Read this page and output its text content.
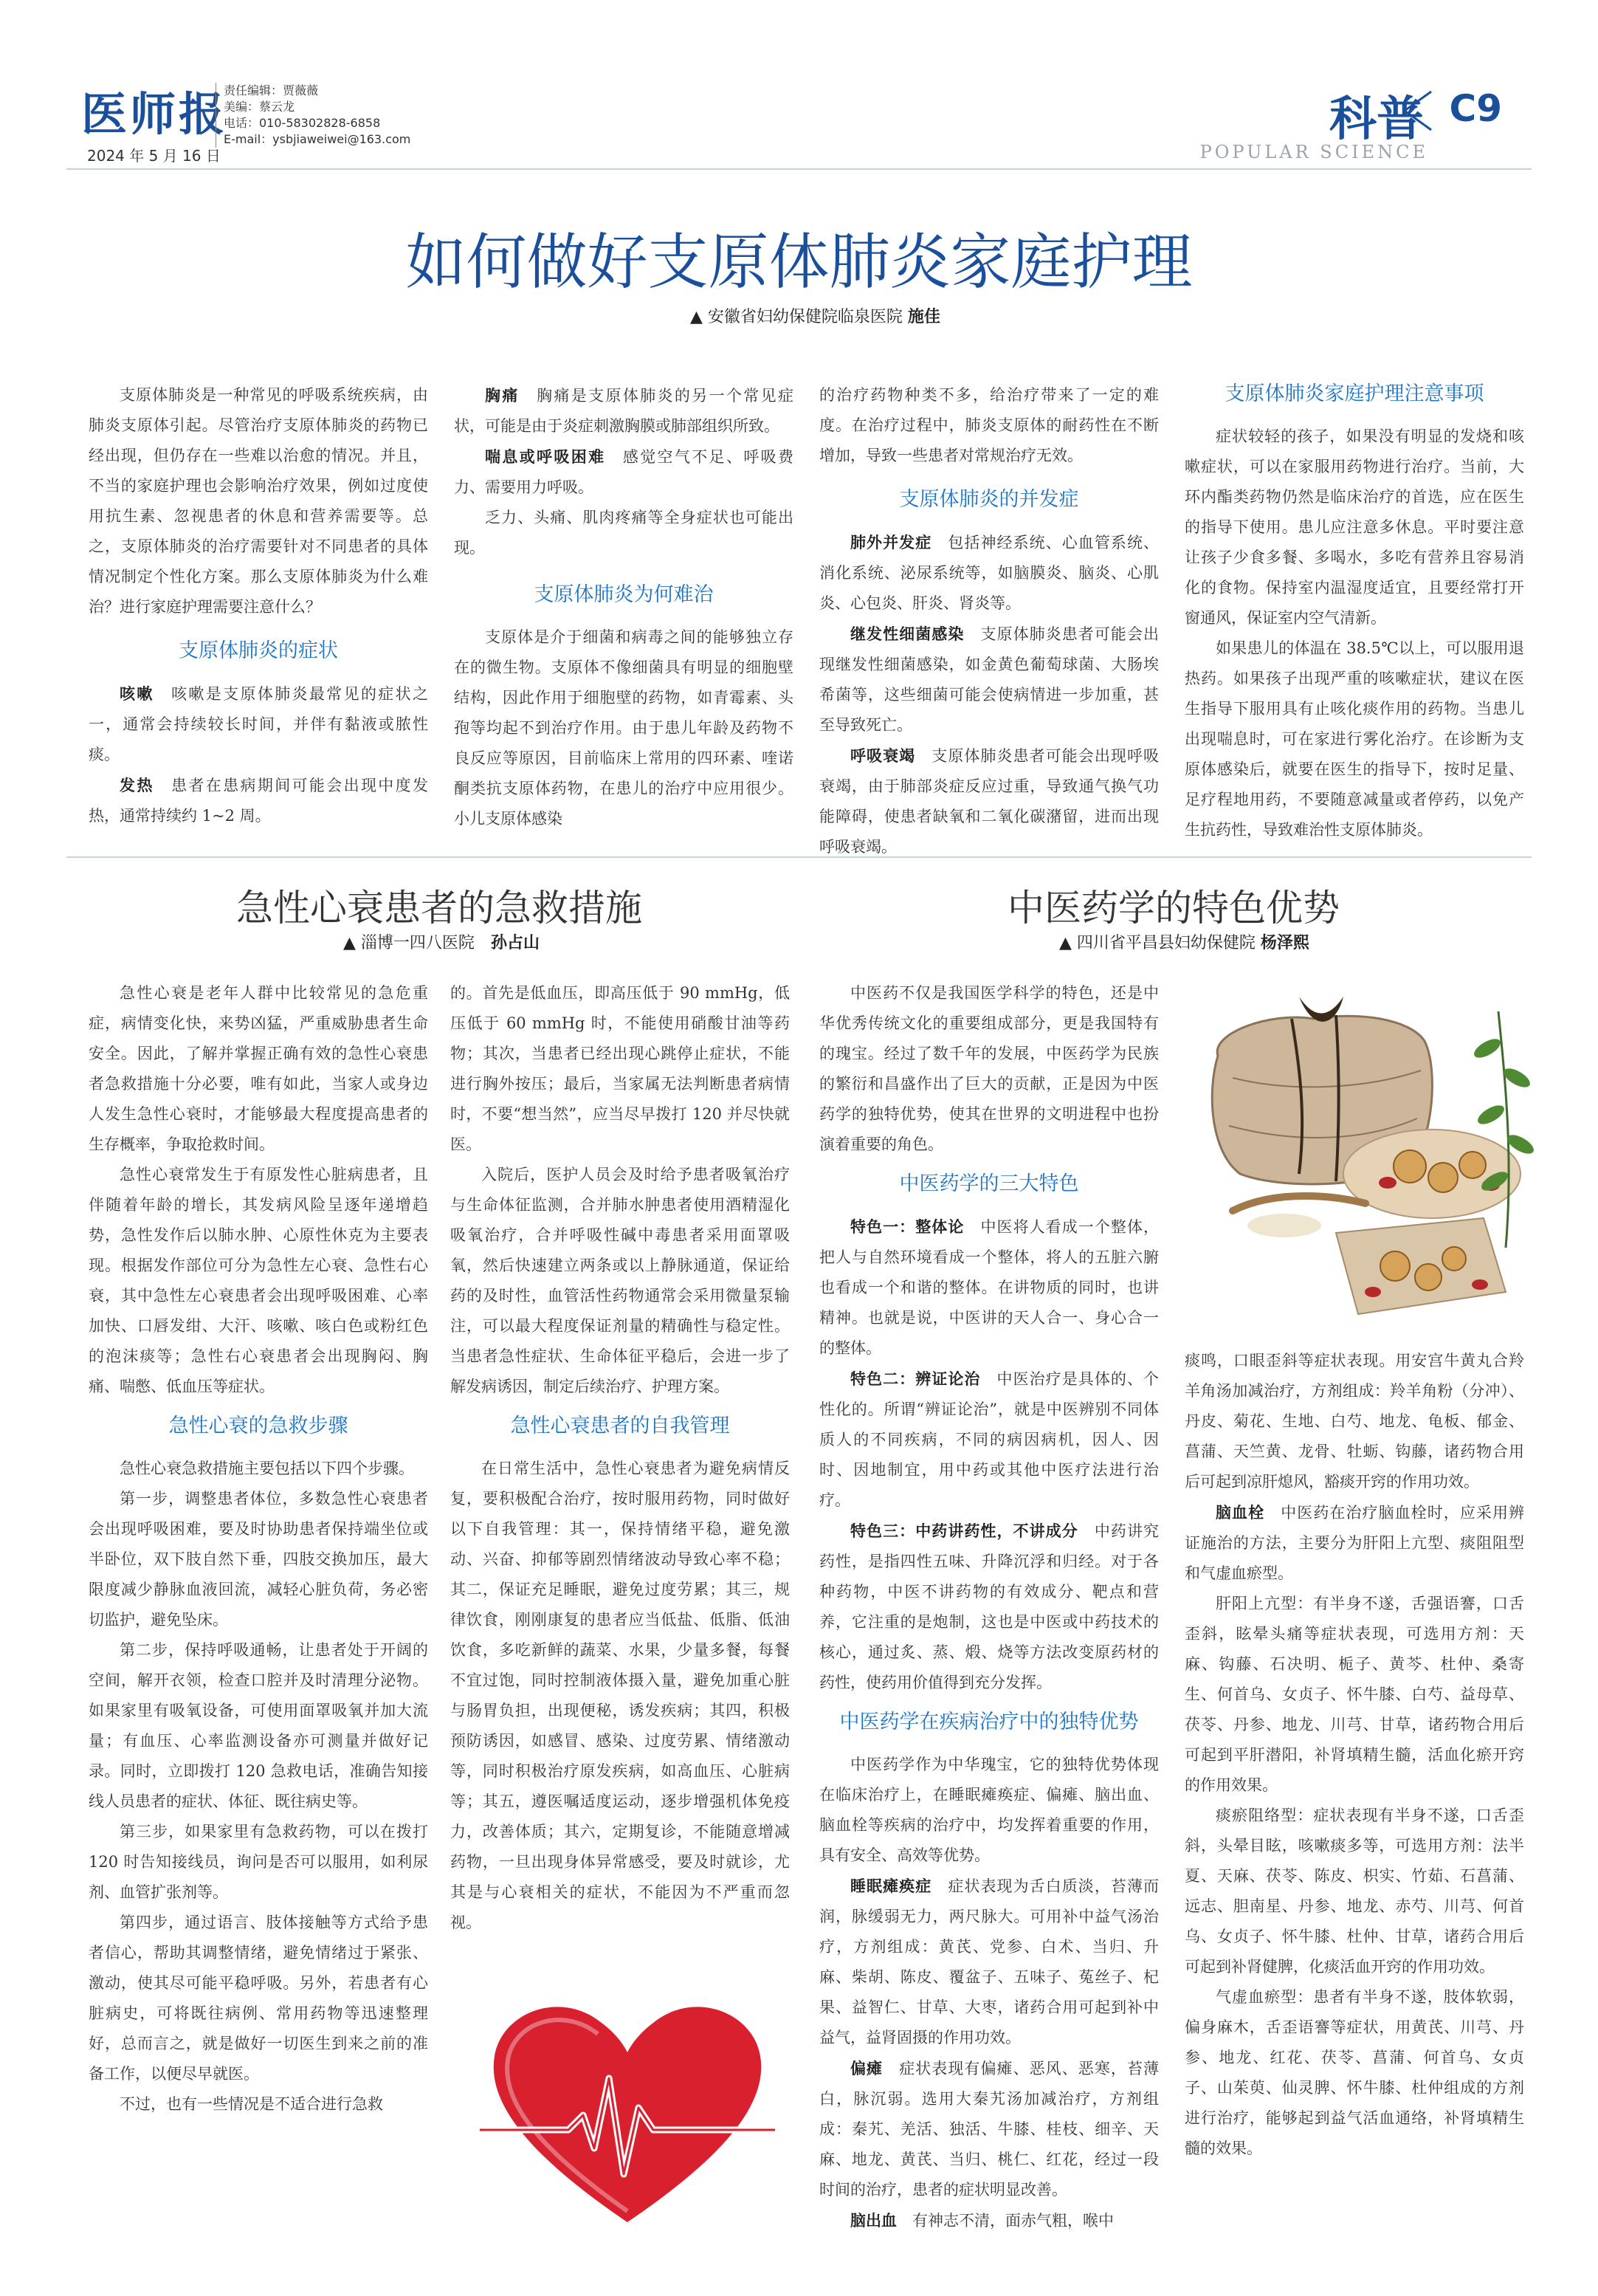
医师报
2024 年 5 月 16 日
责任编辑：贾薇薇
美编：蔡云龙
电话：010-58302828-6858
E-mail：ysbjiaweiwei@163.com	科普 C9
POPULAR SCIENCE
如何做好支原体肺炎家庭护理
▲ 安徽省妇幼保健院临泉医院 施佳

支原体肺炎是一种常见的呼吸系统疾病，由肺炎支原体引起。尽管治疗支原体肺炎的药物已经出现，但仍存在一些难以治愈的情况。并且，不当的家庭护理也会影响治疗效果，例如过度使用抗生素、忽视患者的休息和营养需要等。总之，支原体肺炎的治疗需要针对不同患者的具体情况制定个性化方案。那么支原体肺炎为什么难治？进行家庭护理需要注意什么？

支原体肺炎的症状

咳嗽　 咳嗽是支原体肺炎最常见的症状之一，通常会持续较长时间，并伴有黏液或脓性痰。

发热　 患者在患病期间可能会出现中度发热，通常持续约 1~2 周。

胸痛　 胸痛是支原体肺炎的另一个常见症状，可能是由于炎症刺激胸膜或肺部组织所致。

喘息或呼吸困难　 感觉空气不足、呼吸费力、需要用力呼吸。

乏力、头痛、肌肉疼痛等全身症状也可能出现。

支原体肺炎为何难治

支原体是介于细菌和病毒之间的能够独立存在的微生物。支原体不像细菌具有明显的细胞壁结构，因此作用于细胞壁的药物，如青霉素、头孢等均起不到治疗作用。由于患儿年龄及药物不良反应等原因，目前临床上常用的四环素、喹诺酮类抗支原体药物，在患儿的治疗中应用很少。小儿支原体感染

的治疗药物种类不多，给治疗带来了一定的难度。在治疗过程中，肺炎支原体的耐药性在不断增加，导致一些患者对常规治疗无效。

支原体肺炎的并发症

肺外并发症　 包括神经系统、心血管系统、消化系统、泌尿系统等，如脑膜炎、脑炎、心肌炎、心包炎、肝炎、肾炎等。

继发性细菌感染　 支原体肺炎患者可能会出现继发性细菌感染，如金黄色葡萄球菌、大肠埃希菌等，这些细菌可能会使病情进一步加重，甚至导致死亡。

呼吸衰竭　 支原体肺炎患者可能会出现呼吸衰竭，由于肺部炎症反应过重，导致通气换气功能障碍，使患者缺氧和二氧化碳潴留，进而出现呼吸衰竭。

支原体肺炎家庭护理注意事项

症状较轻的孩子，如果没有明显的发烧和咳嗽症状，可以在家服用药物进行治疗。当前，大环内酯类药物仍然是临床治疗的首选，应在医生的指导下使用。患儿应注意多休息。平时要注意让孩子少食多餐、多喝水，多吃有营养且容易消化的食物。保持室内温湿度适宜，且要经常打开窗通风，保证室内空气清新。

如果患儿的体温在 38.5℃以上，可以服用退热药。如果孩子出现严重的咳嗽症状，建议在医生指导下服用具有止咳化痰作用的药物。当患儿出现喘息时，可在家进行雾化治疗。在诊断为支原体感染后，就要在医生的指导下，按时足量、足疗程地用药，不要随意减量或者停药，以免产生抗药性，导致难治性支原体肺炎。

急性心衰患者的急救措施
▲ 淄博一四八医院　 孙占山

急性心衰是老年人群中比较常见的急危重症，病情变化快，来势凶猛，严重威胁患者生命安全。因此，了解并掌握正确有效的急性心衰患者急救措施十分必要，唯有如此，当家人或身边人发生急性心衰时，才能够最大程度提高患者的生存概率，争取抢救时间。

急性心衰常发生于有原发性心脏病患者，且伴随着年龄的增长，其发病风险呈逐年递增趋势，急性发作后以肺水肿、心原性休克为主要表现。根据发作部位可分为急性左心衰、急性右心衰，其中急性左心衰患者会出现呼吸困难、心率加快、口唇发绀、大汗、咳嗽、咳白色或粉红色的泡沫痰等；急性右心衰患者会出现胸闷、胸痛、喘憋、低血压等症状。

急性心衰的急救步骤

急性心衰急救措施主要包括以下四个步骤。

第一步，调整患者体位，多数急性心衰患者会出现呼吸困难，要及时协助患者保持端坐位或半卧位，双下肢自然下垂，四肢交换加压，最大限度减少静脉血液回流，减轻心脏负荷，务必密切监护，避免坠床。

第二步，保持呼吸通畅，让患者处于开阔的空间，解开衣领，检查口腔并及时清理分泌物。如果家里有吸氧设备，可使用面罩吸氧并加大流量；有血压、心率监测设备亦可测量并做好记录。同时，立即拨打 120 急救电话，准确告知接线人员患者的症状、体征、既往病史等。

第三步，如果家里有急救药物，可以在拨打 120 时告知接线员，询问是否可以服用，如利尿剂、血管扩张剂等。

第四步，通过语言、肢体接触等方式给予患者信心，帮助其调整情绪，避免情绪过于紧张、激动，使其尽可能平稳呼吸。另外，若患者有心脏病史，可将既往病例、常用药物等迅速整理好，总而言之，就是做好一切医生到来之前的准备工作，以便尽早就医。

不过，也有一些情况是不适合进行急救

的。首先是低血压，即高压低于 90 mmHg，低压低于 60 mmHg 时，不能使用硝酸甘油等药物；其次，当患者已经出现心跳停止症状，不能进行胸外按压；最后，当家属无法判断患者病情时，不要“想当然”，应当尽早拨打 120 并尽快就医。

入院后，医护人员会及时给予患者吸氧治疗与生命体征监测，合并肺水肿患者使用酒精湿化吸氧治疗，合并呼吸性碱中毒患者采用面罩吸氧，然后快速建立两条或以上静脉通道，保证给药的及时性，血管活性药物通常会采用微量泵输注，可以最大程度保证剂量的精确性与稳定性。当患者急性症状、生命体征平稳后，会进一步了解发病诱因，制定后续治疗、护理方案。

急性心衰患者的自我管理

在日常生活中，急性心衰患者为避免病情反复，要积极配合治疗，按时服用药物，同时做好以下自我管理：其一，保持情绪平稳，避免激动、兴奋、抑郁等剧烈情绪波动导致心率不稳；其二，保证充足睡眠，避免过度劳累；其三，规律饮食，刚刚康复的患者应当低盐、低脂、低油饮食，多吃新鲜的蔬菜、水果，少量多餐，每餐不宜过饱，同时控制液体摄入量，避免加重心脏与肠胃负担，出现便秘，诱发疾病；其四，积极预防诱因，如感冒、感染、过度劳累、情绪激动等，同时积极治疗原发疾病，如高血压、心脏病等；其五，遵医嘱适度运动，逐步增强机体免疫力，改善体质；其六，定期复诊，不能随意增减药物，一旦出现身体异常感受，要及时就诊，尤其是与心衰相关的症状，不能因为不严重而忽视。

中医药学的特色优势
▲ 四川省平昌县妇幼保健院 杨泽熙

中医药不仅是我国医学科学的特色，还是中华优秀传统文化的重要组成部分，更是我国特有的瑰宝。经过了数千年的发展，中医药学为民族的繁衍和昌盛作出了巨大的贡献，正是因为中医药学的独特优势，使其在世界的文明进程中也扮演着重要的角色。

中医药学的三大特色

特色一：整体论　 中医将人看成一个整体，把人与自然环境看成一个整体，将人的五脏六腑也看成一个和谐的整体。在讲物质的同时，也讲精神。也就是说，中医讲的天人合一、身心合一的整体。

特色二：辨证论治　 中医治疗是具体的、个性化的。所谓“辨证论治”，就是中医辨别不同体质人的不同疾病，不同的病因病机，因人、因时、因地制宜，用中药或其他中医疗法进行治疗。

特色三：中药讲药性，不讲成分　 中药讲究药性，是指四性五味、升降沉浮和归经。对于各种药物，中医不讲药物的有效成分、靶点和营养，它注重的是炮制，这也是中医或中药技术的核心，通过炙、蒸、煅、烧等方法改变原药材的药性，使药用价值得到充分发挥。

中医药学在疾病治疗中的独特优势

中医药学作为中华瑰宝，它的独特优势体现在临床治疗上，在睡眠瘫痪症、偏瘫、脑出血、脑血栓等疾病的治疗中，均发挥着重要的作用，具有安全、高效等优势。

睡眠瘫痪症　 症状表现为舌白质淡，苔薄而润，脉缓弱无力，两尺脉大。可用补中益气汤治疗，方剂组成：黄芪、党参、白术、当归、升麻、柴胡、陈皮、覆盆子、五味子、菟丝子、杞果、益智仁、甘草、大枣，诸药合用可起到补中益气，益肾固摄的作用功效。

偏瘫　 症状表现有偏瘫、恶风、恶寒，苔薄白，脉沉弱。选用大秦艽汤加减治疗，方剂组成：秦艽、羌活、独活、牛膝、桂枝、细辛、天麻、地龙、黄芪、当归、桃仁、红花，经过一段时间的治疗，患者的症状明显改善。

脑出血　 有神志不清，面赤气粗，喉中

痰鸣，口眼歪斜等症状表现。用安宫牛黄丸合羚羊角汤加减治疗，方剂组成：羚羊角粉（分冲）、丹皮、菊花、生地、白芍、地龙、龟板、郁金、菖蒲、天竺黄、龙骨、牡蛎、钩藤，诸药物合用后可起到凉肝熄风，豁痰开窍的作用功效。

脑血栓　 中医药在治疗脑血栓时，应采用辨证施治的方法，主要分为肝阳上亢型、痰阻阻型和气虚血瘀型。

肝阳上亢型：有半身不遂，舌强语謇，口舌歪斜，眩晕头痛等症状表现，可选用方剂：天麻、钩藤、石决明、栀子、黄芩、杜仲、桑寄生、何首乌、女贞子、怀牛膝、白芍、益母草、茯苓、丹参、地龙、川芎、甘草，诸药物合用后可起到平肝潜阳，补肾填精生髓，活血化瘀开窍的作用效果。

痰瘀阻络型：症状表现有半身不遂，口舌歪斜，头晕目眩，咳嗽痰多等，可选用方剂：法半夏、天麻、茯苓、陈皮、枳实、竹茹、石菖蒲、远志、胆南星、丹参、地龙、赤芍、川芎、何首乌、女贞子、怀牛膝、杜仲、甘草，诸药合用后可起到补肾健脾，化痰活血开窍的作用功效。

气虚血瘀型：患者有半身不遂，肢体软弱，偏身麻木，舌歪语謇等症状，用黄芪、川芎、丹参、地龙、红花、茯苓、菖蒲、何首乌、女贞子、山茱萸、仙灵脾、怀牛膝、杜仲组成的方剂进行治疗，能够起到益气活血通络，补肾填精生髓的效果。
